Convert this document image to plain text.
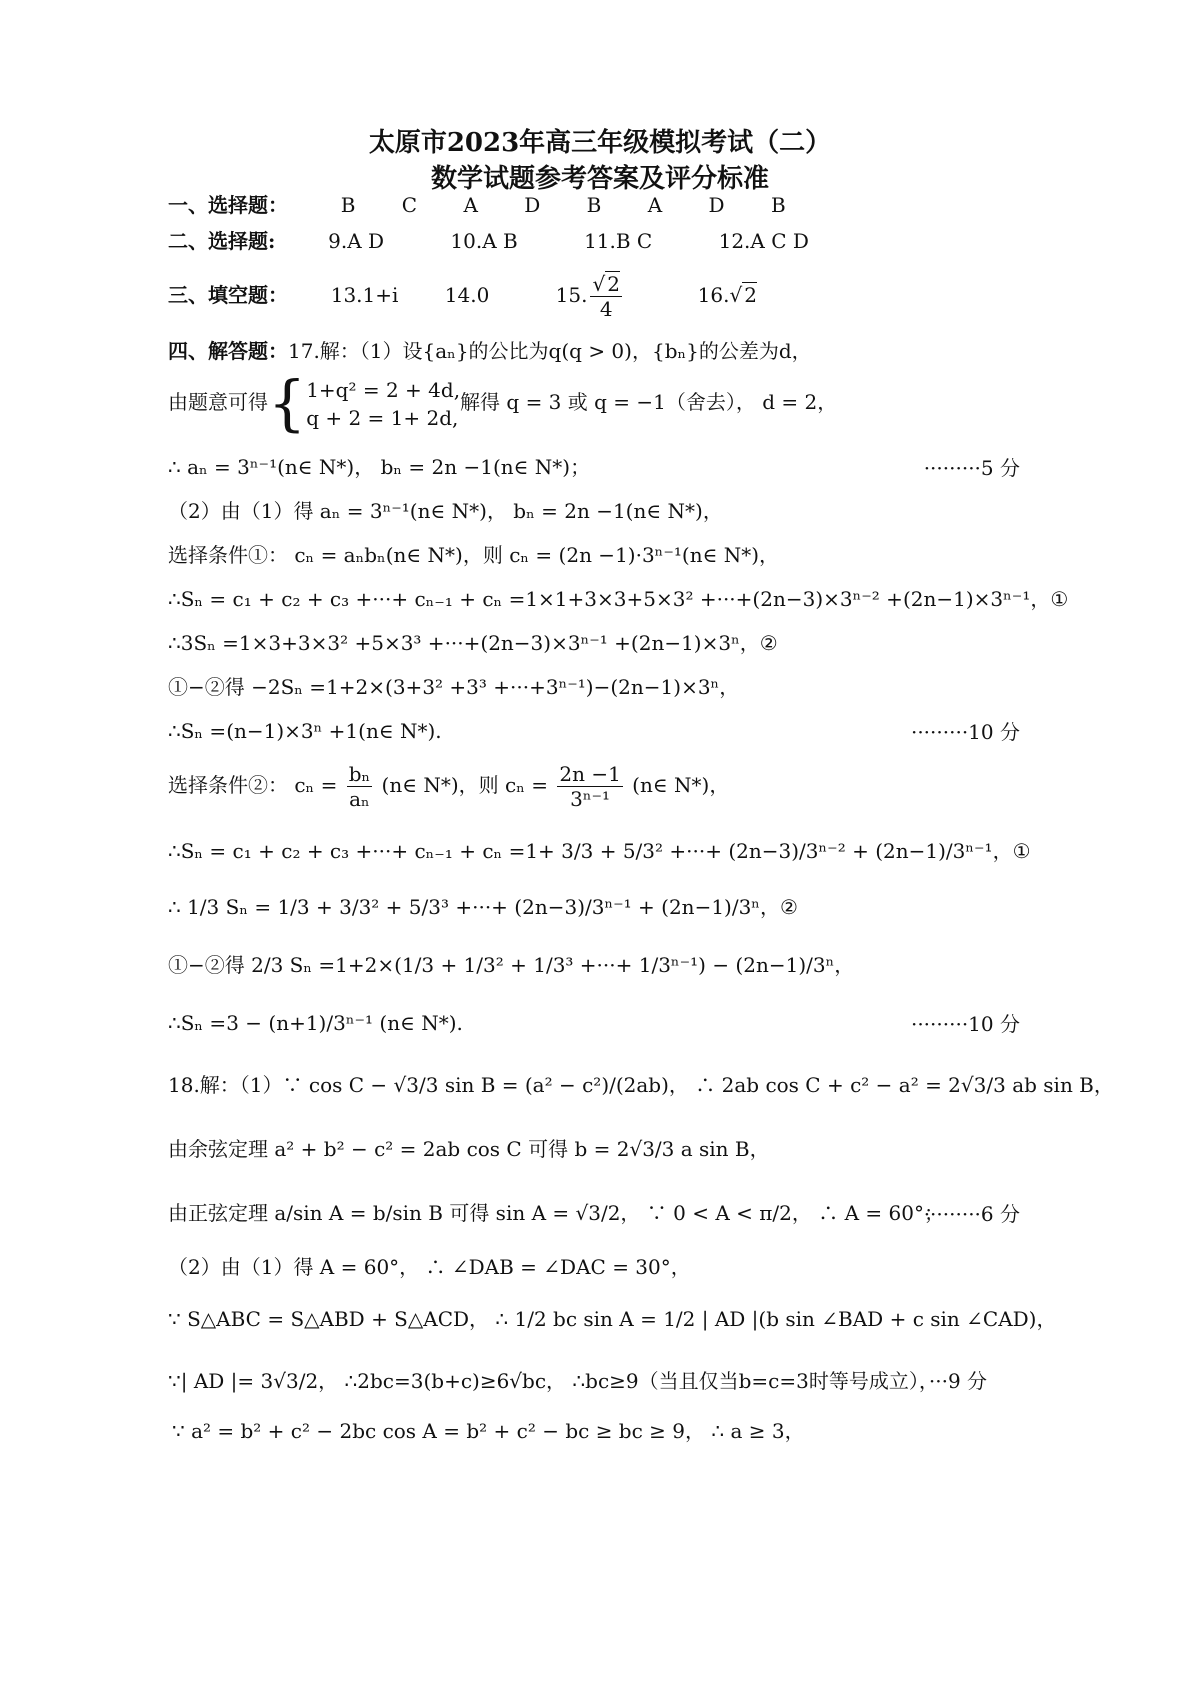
太原市2023年高三年级模拟考试（二）
数学试题参考答案及评分标准
一、选择题：	B C A D B A D B
二、选择题:	9.A D	10.A B	11.B C	12.A C D
三、填空题： 13.1+i 14.0	15. $\frac{√ 2}{4}$	16.√ 2
四、解答题：17.解：（1）设{aₙ}的公比为q(q > 0)，{bₙ}的公差为d，
由题意可得{ 1+q² = 2 + 4d,
q + 2 = 1+ 2d,
解得 q = 3 或 q = −1（舍去）， d = 2，
∴ aₙ = 3ⁿ⁻¹(n∈ N*)， bₙ = 2n −1(n∈ N*)；	·········5 分
（2）由（1）得 aₙ = 3ⁿ⁻¹(n∈ N*)， bₙ = 2n −1(n∈ N*)，
选择条件①： cₙ = aₙbₙ(n∈ N*)，则 cₙ = (2n −1)·3ⁿ⁻¹(n∈ N*)，
∴Sₙ = c₁ + c₂ + c₃ +···+ cₙ₋₁ + cₙ =1×1+3×3+5×3² +···+(2n−3)×3ⁿ⁻² +(2n−1)×3ⁿ⁻¹，①
∴3Sₙ =1×3+3×3² +5×3³ +···+(2n−3)×3ⁿ⁻¹ +(2n−1)×3ⁿ，②
①−②得 −2Sₙ =1+2×(3+3² +3³ +···+3ⁿ⁻¹)−(2n−1)×3ⁿ，
∴Sₙ =(n−1)×3ⁿ +1(n∈ N*).	·········10 分
选择条件②： $c_n = \frac{\text{bₙ}}{\text{aₙ}}$ (n∈ N*)，则 $c_n = \frac{2n -1}{\text{3ⁿ⁻¹}}$ (n∈ N*)，
∴Sₙ = c₁ + c₂ + c₃ +···+ cₙ₋₁ + cₙ =1+ 3/3 + 5/3² +···+ (2n−3)/3ⁿ⁻² + (2n−1)/3ⁿ⁻¹，①
∴ 1/3 Sₙ = 1/3 + 3/3² + 5/3³ +···+ (2n−3)/3ⁿ⁻¹ + (2n−1)/3ⁿ，②
①−②得 2/3 Sₙ =1+2×(1/3 + 1/3² + 1/3³ +···+ 1/3ⁿ⁻¹) − (2n−1)/3ⁿ，
∴Sₙ =3 − (n+1)/3ⁿ⁻¹ (n∈ N*).	·········10 分
18.解：（1）∵ cos C − √3/3 sin B = (a² − c²)/(2ab)， ∴ 2ab cos C + c² − a² = 2√3/3 ab sin B，
由余弦定理 a² + b² − c² = 2ab cos C 可得 b = 2√3/3 a sin B，
由正弦定理 a/sin A = b/sin B 可得 sin A = √3/2， ∵ 0 < A < π/2， ∴ A = 60°；
·········6 分
（2）由（1）得 A = 60°， ∴ ∠DAB = ∠DAC = 30°，
∵ S△ABC = S△ABD + S△ACD， ∴ 1/2 bc sin A = 1/2 | AD |(b sin ∠BAD + c sin ∠CAD)，
∵| AD |= 3√3/2， ∴2bc=3(b+c)≥6√bc， ∴bc≥9（当且仅当b=c=3时等号成立），···9 分
∵ a² = b² + c² − 2bc cos A = b² + c² − bc ≥ bc ≥ 9， ∴ a ≥ 3，
